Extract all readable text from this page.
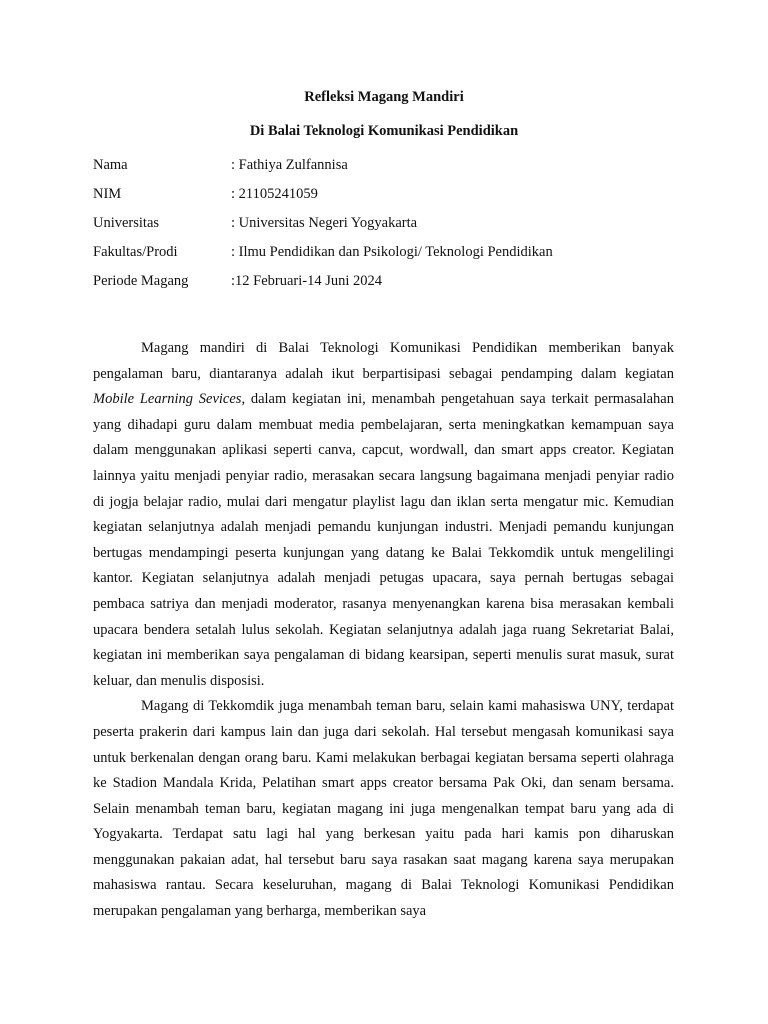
Refleksi Magang Mandiri
Di Balai Teknologi Komunikasi Pendidikan
Nama	: Fathiya Zulfannisa
NIM	: 21105241059
Universitas	: Universitas Negeri Yogyakarta
Fakultas/Prodi	: Ilmu Pendidikan dan Psikologi/ Teknologi Pendidikan
Periode Magang	:12 Februari-14 Juni 2024

Magang mandiri di Balai Teknologi Komunikasi Pendidikan memberikan banyak pengalaman baru, diantaranya adalah ikut berpartisipasi sebagai pendamping dalam kegiatan Mobile Learning Sevices, dalam kegiatan ini, menambah pengetahuan saya terkait permasalahan yang dihadapi guru dalam membuat media pembelajaran, serta meningkatkan kemampuan saya dalam menggunakan aplikasi seperti canva, capcut, wordwall, dan smart apps creator. Kegiatan lainnya yaitu menjadi penyiar radio, merasakan secara langsung bagaimana menjadi penyiar radio di jogja belajar radio, mulai dari mengatur playlist lagu dan iklan serta mengatur mic. Kemudian kegiatan selanjutnya adalah menjadi pemandu kunjungan industri. Menjadi pemandu kunjungan bertugas mendampingi peserta kunjungan yang datang ke Balai Tekkomdik untuk mengelilingi kantor. Kegiatan selanjutnya adalah menjadi petugas upacara, saya pernah bertugas sebagai pembaca satriya dan menjadi moderator, rasanya menyenangkan karena bisa merasakan kembali upacara bendera setalah lulus sekolah. Kegiatan selanjutnya adalah jaga ruang Sekretariat Balai, kegiatan ini memberikan saya pengalaman di bidang kearsipan, seperti menulis surat masuk, surat keluar, dan menulis disposisi.

Magang di Tekkomdik juga menambah teman baru, selain kami mahasiswa UNY, terdapat peserta prakerin dari kampus lain dan juga dari sekolah. Hal tersebut mengasah komunikasi saya untuk berkenalan dengan orang baru. Kami melakukan berbagai kegiatan bersama seperti olahraga ke Stadion Mandala Krida, Pelatihan smart apps creator bersama Pak Oki, dan senam bersama. Selain menambah teman baru, kegiatan magang ini juga mengenalkan tempat baru yang ada di Yogyakarta. Terdapat satu lagi hal yang berkesan yaitu pada hari kamis pon diharuskan menggunakan pakaian adat, hal tersebut baru saya rasakan saat magang karena saya merupakan mahasiswa rantau. Secara keseluruhan, magang di Balai Teknologi Komunikasi Pendidikan merupakan pengalaman yang berharga, memberikan saya
